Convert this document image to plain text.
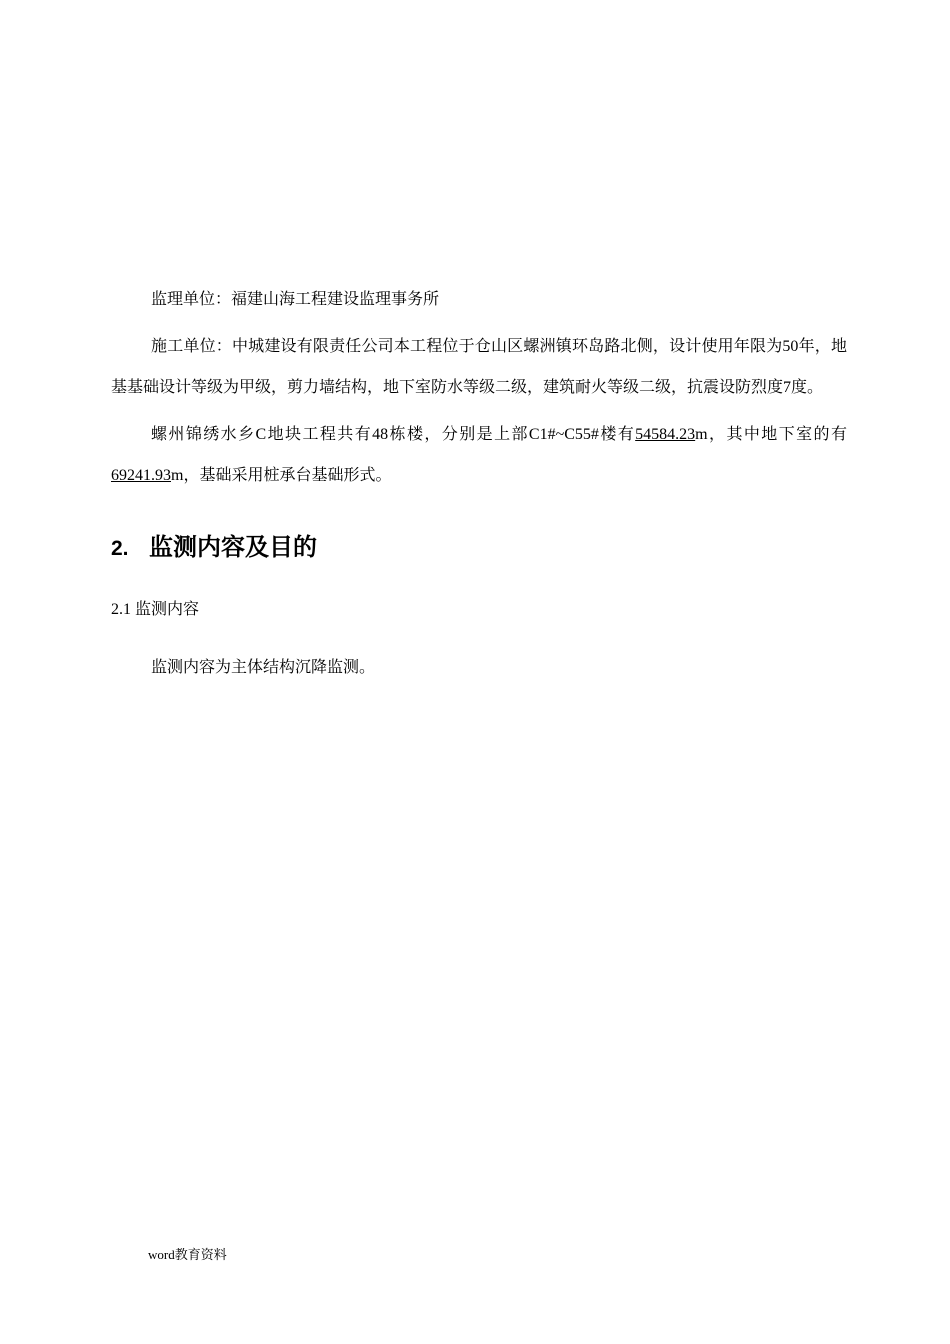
监理单位：福建山海工程建设监理事务所

施工单位：中城建设有限责任公司本工程位于仓山区螺洲镇环岛路北侧，设计使用年限为50年，地基基础设计等级为甲级，剪力墙结构，地下室防水等级二级，建筑耐火等级二级，抗震设防烈度7度。

螺州锦绣水乡C地块工程共有48栋楼，分别是上部C1#~C55#楼有54584.23m，其中地下室的有69241.93m，基础采用桩承台基础形式。

2. 监测内容及目的

2.1 监测内容

监测内容为主体结构沉降监测。

word教育资料
